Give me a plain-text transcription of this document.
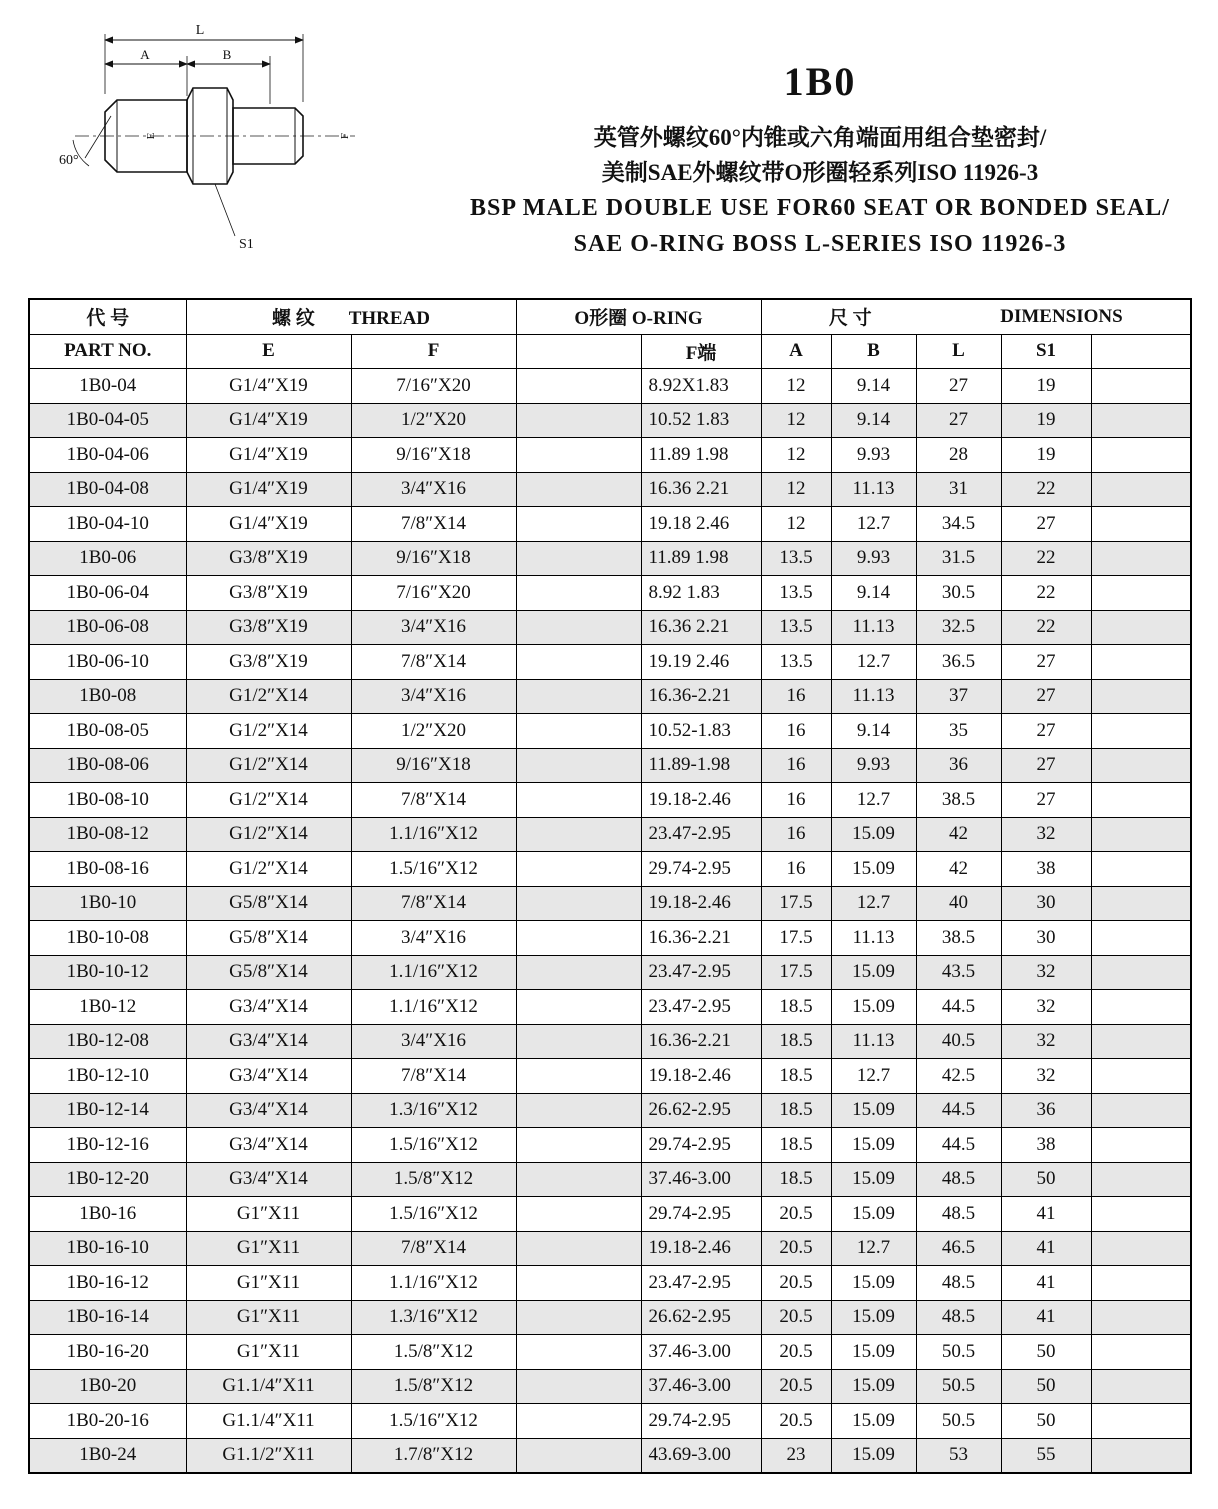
L
A	B
60°
E	F
S1
1B0
英管外螺纹60°内锥或六角端面用组合垫密封/
美制SAE外螺纹带O形圈轻系列ISO 11926-3
BSP MALE DOUBLE USE FOR60 SEAT OR BONDED SEAL/
SAE O-RING BOSS L-SERIES ISO 11926-3
代 号	螺 纹 THREAD		O形圈 O-RING		尺 寸 DIMENSIONS				

PART NO.	E	F		F端	A	B	L	S1	
1B0-04	G1/4″X19	7/16″X20		8.92X1.83	12	9.14	27	19	
1B0-04-05	G1/4″X19	1/2″X20		10.52 1.83	12	9.14	27	19	
1B0-04-06	G1/4″X19	9/16″X18		11.89 1.98	12	9.93	28	19	
1B0-04-08	G1/4″X19	3/4″X16		16.36 2.21	12	11.13	31	22	
1B0-04-10	G1/4″X19	7/8″X14		19.18 2.46	12	12.7	34.5	27	
1B0-06	G3/8″X19	9/16″X18		11.89 1.98	13.5	9.93	31.5	22	
1B0-06-04	G3/8″X19	7/16″X20		8.92 1.83	13.5	9.14	30.5	22	
1B0-06-08	G3/8″X19	3/4″X16		16.36 2.21	13.5	11.13	32.5	22	
1B0-06-10	G3/8″X19	7/8″X14		19.19 2.46	13.5	12.7	36.5	27	
1B0-08	G1/2″X14	3/4″X16		16.36-2.21	16	11.13	37	27	
1B0-08-05	G1/2″X14	1/2″X20		10.52-1.83	16	9.14	35	27	
1B0-08-06	G1/2″X14	9/16″X18		11.89-1.98	16	9.93	36	27	
1B0-08-10	G1/2″X14	7/8″X14		19.18-2.46	16	12.7	38.5	27	
1B0-08-12	G1/2″X14	1.1/16″X12		23.47-2.95	16	15.09	42	32	
1B0-08-16	G1/2″X14	1.5/16″X12		29.74-2.95	16	15.09	42	38	
1B0-10	G5/8″X14	7/8″X14		19.18-2.46	17.5	12.7	40	30	
1B0-10-08	G5/8″X14	3/4″X16		16.36-2.21	17.5	11.13	38.5	30	
1B0-10-12	G5/8″X14	1.1/16″X12		23.47-2.95	17.5	15.09	43.5	32	
1B0-12	G3/4″X14	1.1/16″X12		23.47-2.95	18.5	15.09	44.5	32	
1B0-12-08	G3/4″X14	3/4″X16		16.36-2.21	18.5	11.13	40.5	32	
1B0-12-10	G3/4″X14	7/8″X14		19.18-2.46	18.5	12.7	42.5	32	
1B0-12-14	G3/4″X14	1.3/16″X12		26.62-2.95	18.5	15.09	44.5	36	
1B0-12-16	G3/4″X14	1.5/16″X12		29.74-2.95	18.5	15.09	44.5	38	
1B0-12-20	G3/4″X14	1.5/8″X12		37.46-3.00	18.5	15.09	48.5	50	
1B0-16	G1″X11	1.5/16″X12		29.74-2.95	20.5	15.09	48.5	41	
1B0-16-10	G1″X11	7/8″X14		19.18-2.46	20.5	12.7	46.5	41	
1B0-16-12	G1″X11	1.1/16″X12		23.47-2.95	20.5	15.09	48.5	41	
1B0-16-14	G1″X11	1.3/16″X12		26.62-2.95	20.5	15.09	48.5	41	
1B0-16-20	G1″X11	1.5/8″X12		37.46-3.00	20.5	15.09	50.5	50	
1B0-20	G1.1/4″X11	1.5/8″X12		37.46-3.00	20.5	15.09	50.5	50	
1B0-20-16	G1.1/4″X11	1.5/16″X12		29.74-2.95	20.5	15.09	50.5	50	
1B0-24	G1.1/2″X11	1.7/8″X12		43.69-3.00	23	15.09	53	55	
